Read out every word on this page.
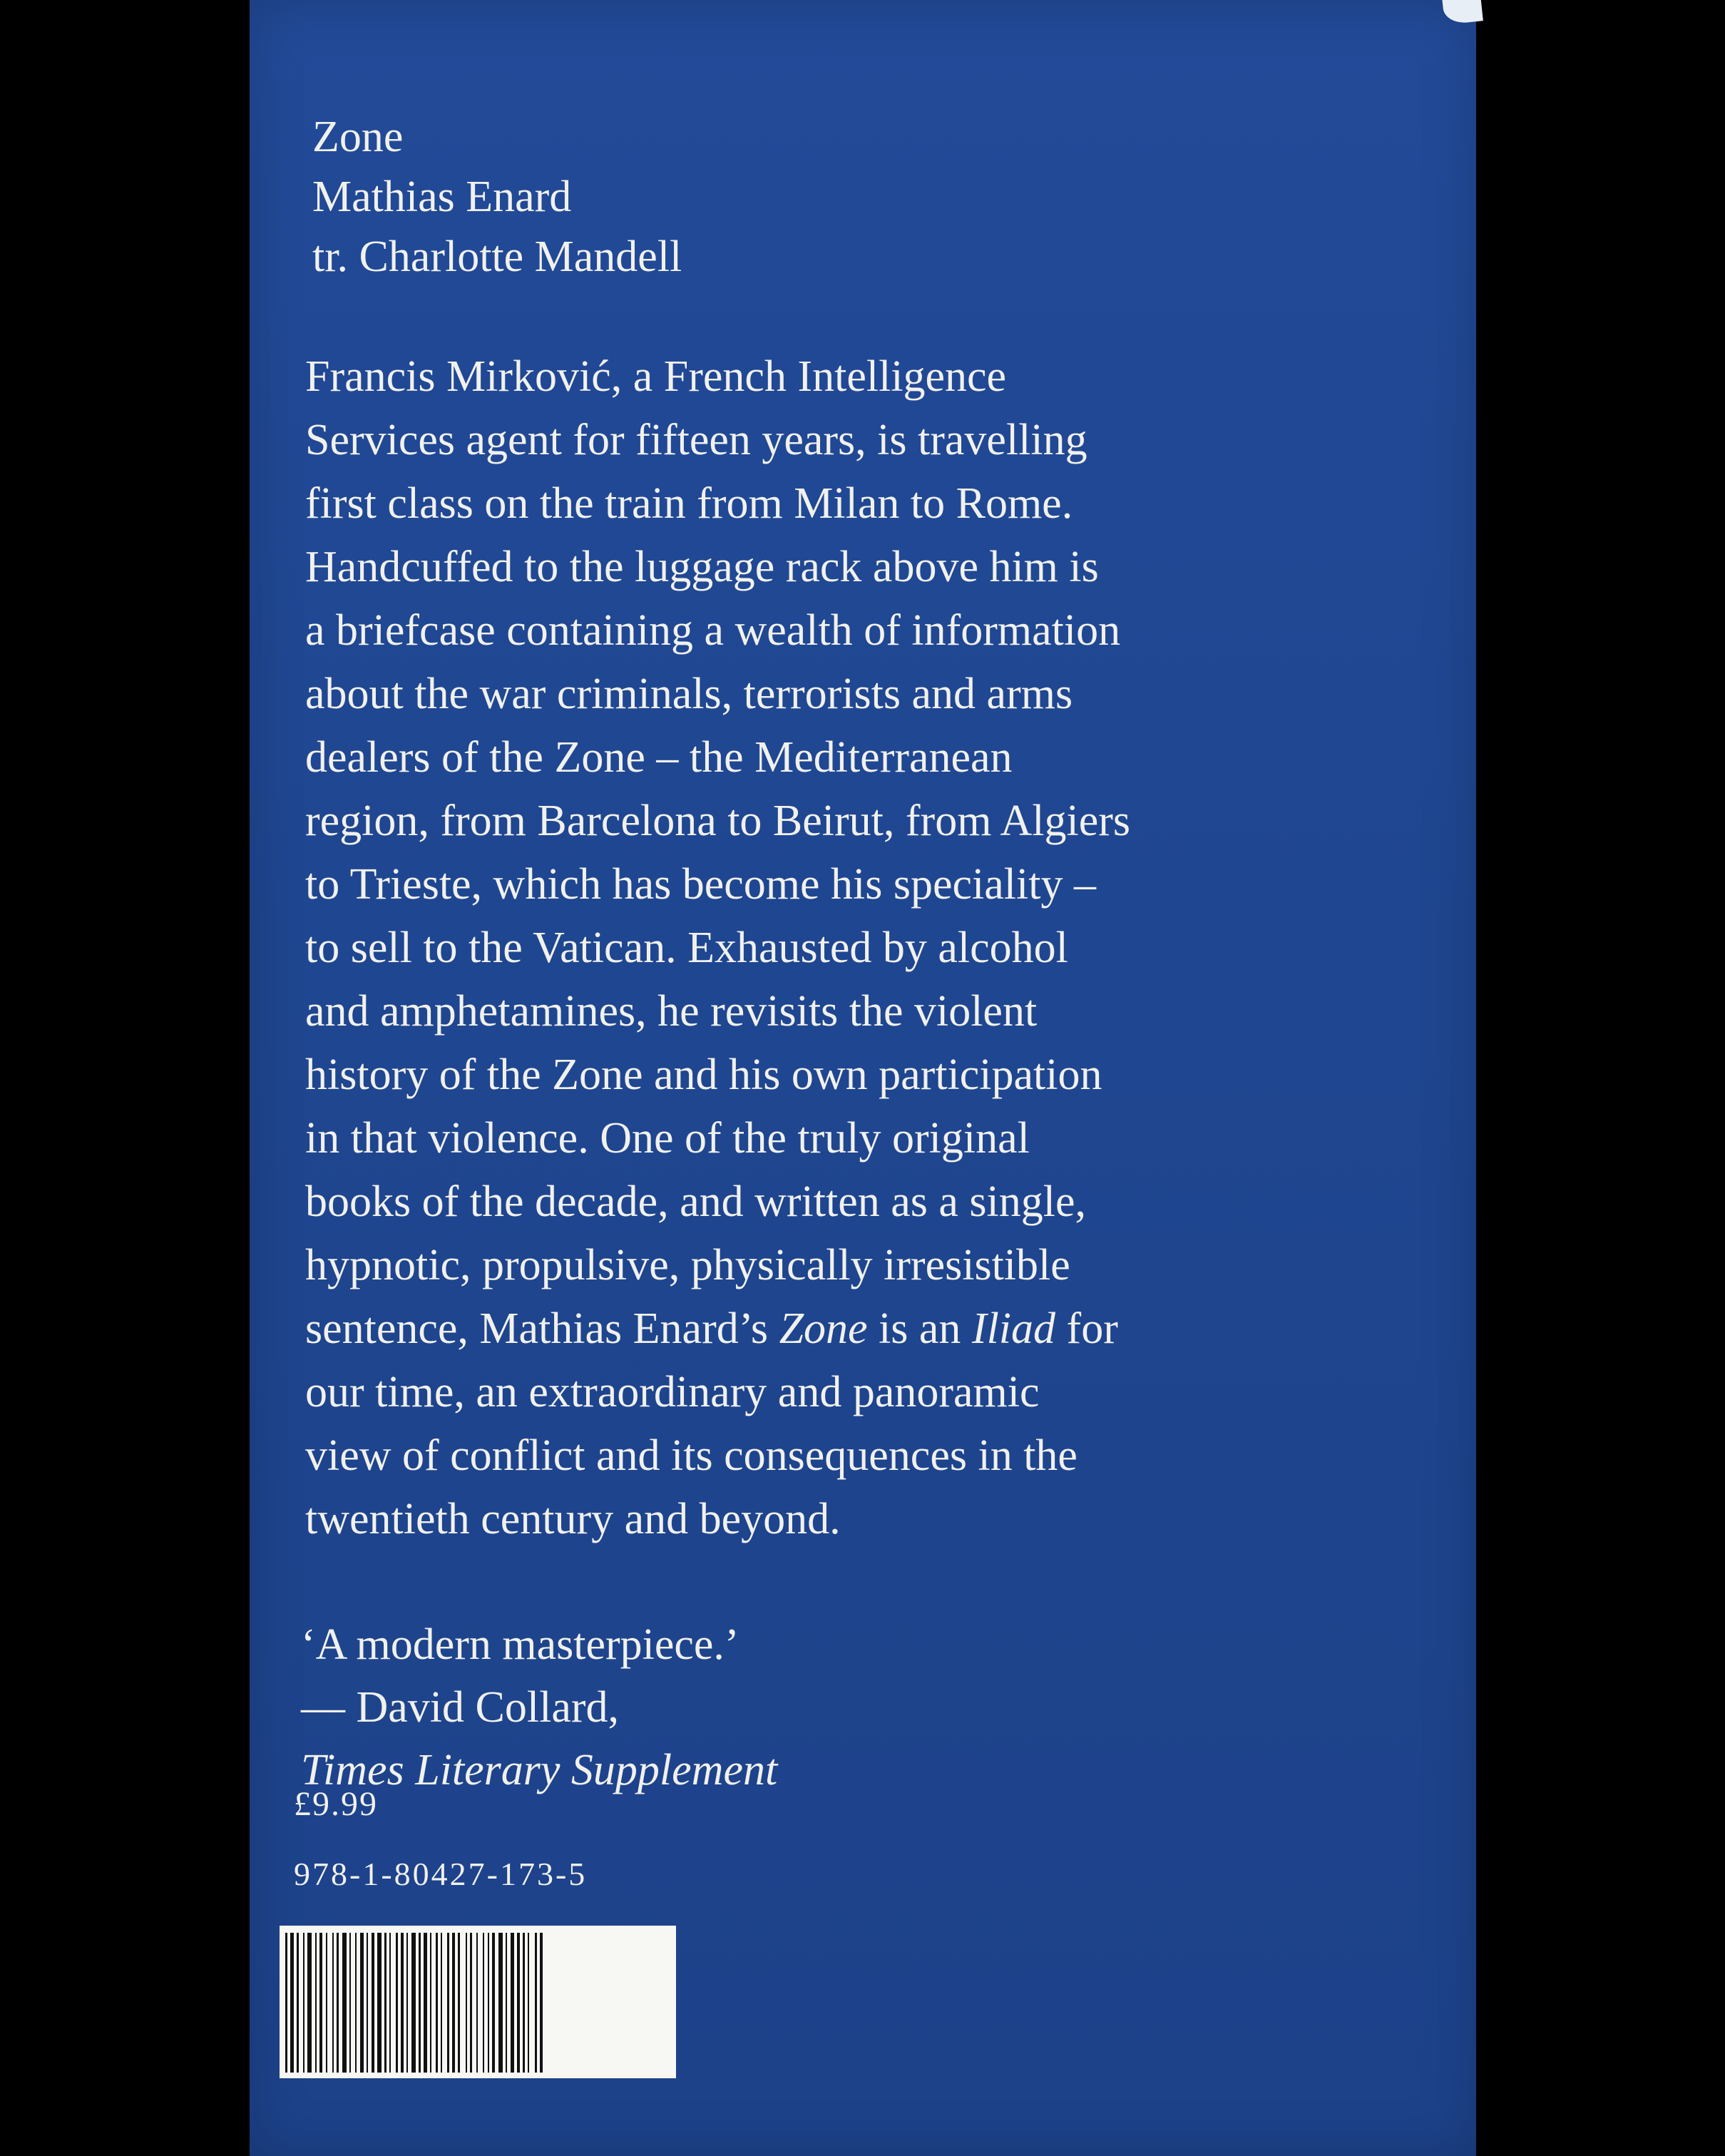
Zone
Mathias Enard
tr. Charlotte Mandell
Francis Mirković, a French Intelligence
Services agent for fifteen years, is travelling
first class on the train from Milan to Rome.
Handcuffed to the luggage rack above him is
a briefcase containing a wealth of information
about the war criminals, terrorists and arms
dealers of the Zone – the Mediterranean
region, from Barcelona to Beirut, from Algiers
to Trieste, which has become his speciality –
to sell to the Vatican. Exhausted by alcohol
and amphetamines, he revisits the violent
history of the Zone and his own participation
in that violence. One of the truly original
books of the decade, and written as a single,
hypnotic, propulsive, physically irresistible
sentence, Mathias Enard’s Zone is an Iliad for
our time, an extraordinary and panoramic
view of conflict and its consequences in the
twentieth century and beyond.
‘A modern masterpiece.’
— David Collard,
Times Literary Supplement
£9.99
978-1-80427-173-5
